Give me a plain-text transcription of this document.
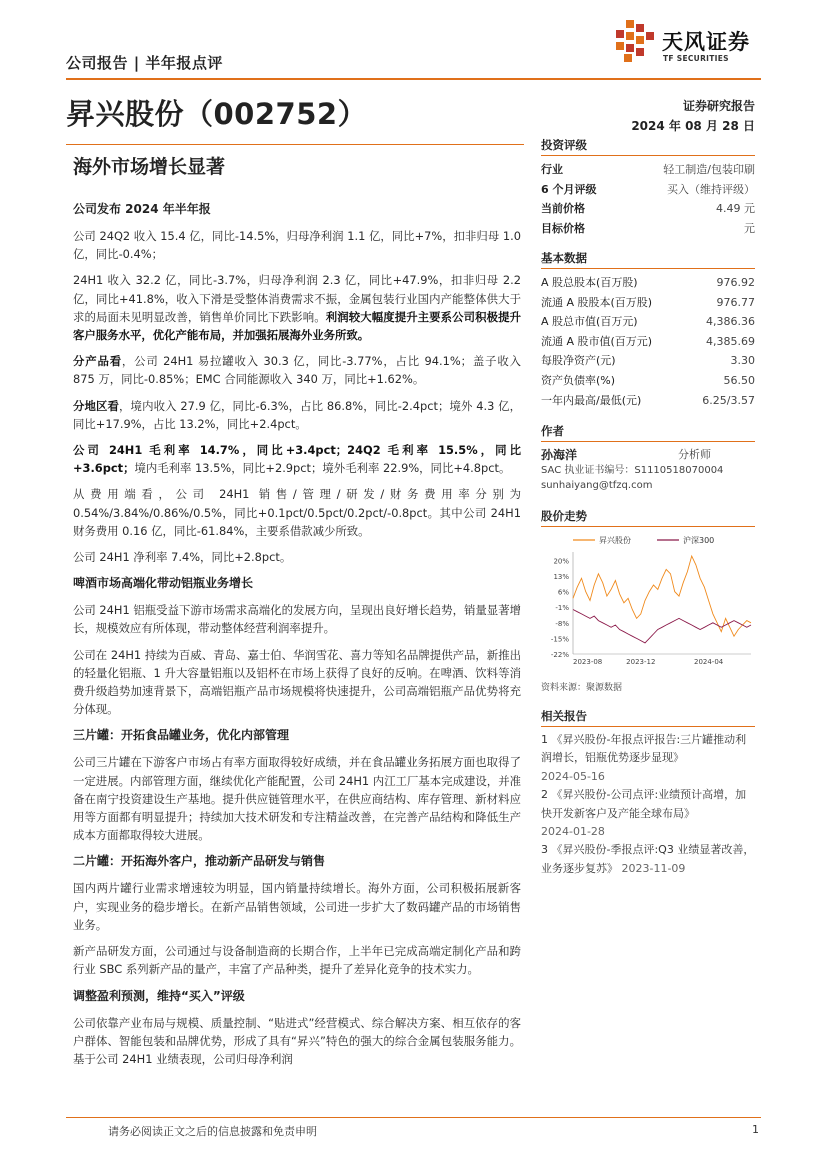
公司报告 | 半年报点评
天风证券
TF SECURITIES
昇兴股份（002752）	证券研究报告
2024 年 08 月 28 日
海外市场增长显著
公司发布 2024 年半年报

公司 24Q2 收入 15.4 亿，同比-14.5%，归母净利润 1.1 亿，同比+7%，扣非归母 1.0 亿，同比-0.4%；

24H1 收入 32.2 亿，同比-3.7%，归母净利润 2.3 亿，同比+47.9%，扣非归母 2.2 亿，同比+41.8%，收入下滑是受整体消费需求不振，金属包装行业国内产能整体供大于求的局面未见明显改善，销售单价同比下跌影响。利润较大幅度提升主要系公司积极提升客户服务水平，优化产能布局，并加强拓展海外业务所致。

分产品看，公司 24H1 易拉罐收入 30.3 亿，同比-3.77%，占比 94.1%；盖子收入 875 万，同比-0.85%；EMC 合同能源收入 340 万，同比+1.62%。

分地区看，境内收入 27.9 亿，同比-6.3%，占比 86.8%，同比-2.4pct；境外 4.3 亿，同比+17.9%，占比 13.2%，同比+2.4pct。

公司 24H1 毛利率 14.7%，同比+3.4pct；24Q2 毛利率 15.5%，同比+3.6pct；境内毛利率 13.5%，同比+2.9pct；境外毛利率 22.9%，同比+4.8pct。

从费用端看，公司 24H1 销售/管理/研发/财务费用率分别为 0.54%/3.84%/0.86%/0.5%，同比+0.1pct/0.5pct/0.2pct/-0.8pct。其中公司 24H1 财务费用 0.16 亿，同比-61.84%，主要系借款减少所致。

公司 24H1 净利率 7.4%，同比+2.8pct。

啤酒市场高端化带动铝瓶业务增长

公司 24H1 铝瓶受益下游市场需求高端化的发展方向，呈现出良好增长趋势，销量显著增长，规模效应有所体现，带动整体经营利润率提升。

公司在 24H1 持续为百威、青岛、嘉士伯、华润雪花、喜力等知名品牌提供产品，新推出的轻量化铝瓶、1 升大容量铝瓶以及铝杯在市场上获得了良好的反响。在啤酒、饮料等消费升级趋势加速背景下，高端铝瓶产品市场规模将快速提升，公司高端铝瓶产品优势将充分体现。

三片罐：开拓食品罐业务，优化内部管理

公司三片罐在下游客户市场占有率方面取得较好成绩，并在食品罐业务拓展方面也取得了一定进展。内部管理方面，继续优化产能配置，公司 24H1 内江工厂基本完成建设，并准备在南宁投资建设生产基地。提升供应链管理水平，在供应商结构、库存管理、新材料应用等方面都有明显提升；持续加大技术研发和专注精益改善，在完善产品结构和降低生产成本方面都取得较大进展。

二片罐：开拓海外客户，推动新产品研发与销售

国内两片罐行业需求增速较为明显，国内销量持续增长。海外方面，公司积极拓展新客户，实现业务的稳步增长。在新产品销售领域，公司进一步扩大了数码罐产品的市场销售业务。

新产品研发方面，公司通过与设备制造商的长期合作，上半年已完成高端定制化产品和跨行业 SBC 系列新产品的量产，丰富了产品种类，提升了差异化竞争的技术实力。

调整盈利预测，维持“买入”评级

公司依靠产业布局与规模、质量控制、“贴进式”经营模式、综合解决方案、相互依存的客户群体、智能包装和品牌优势，形成了具有“昇兴”特色的强大的综合金属包装服务能力。基于公司 24H1 业绩表现，公司归母净利润

投资评级
行业	轻工制造/包装印刷
6 个月评级	买入（维持评级）
当前价格	4.49 元
目标价格	元
基本数据
A 股总股本(百万股)	976.92
流通 A 股股本(百万股)	976.77
A 股总市值(百万元)	4,386.36
流通 A 股市值(百万元)	4,385.69
每股净资产(元)	3.30
资产负债率(%)	56.50
一年内最高/最低(元)	6.25/3.57
作者
孙海洋	分析师
SAC 执业证书编号：S1110518070004
sunhaiyang@tfzq.com
股价走势
昇兴股份	沪深300
20%
13%
6%
-1%
-8%
-15%
-22%
2023-08	2023-12	2024-04
资料来源：聚源数据
相关报告
1 《昇兴股份-年报点评报告:三片罐推动利润增长，铝瓶优势逐步显现》
2024-05-16
2 《昇兴股份-公司点评:业绩预计高增，加快开发新客户及产能全球布局》
2024-01-28
3 《昇兴股份-季报点评:Q3 业绩显著改善，业务逐步复苏》 2023-11-09
请务必阅读正文之后的信息披露和免责申明	1
